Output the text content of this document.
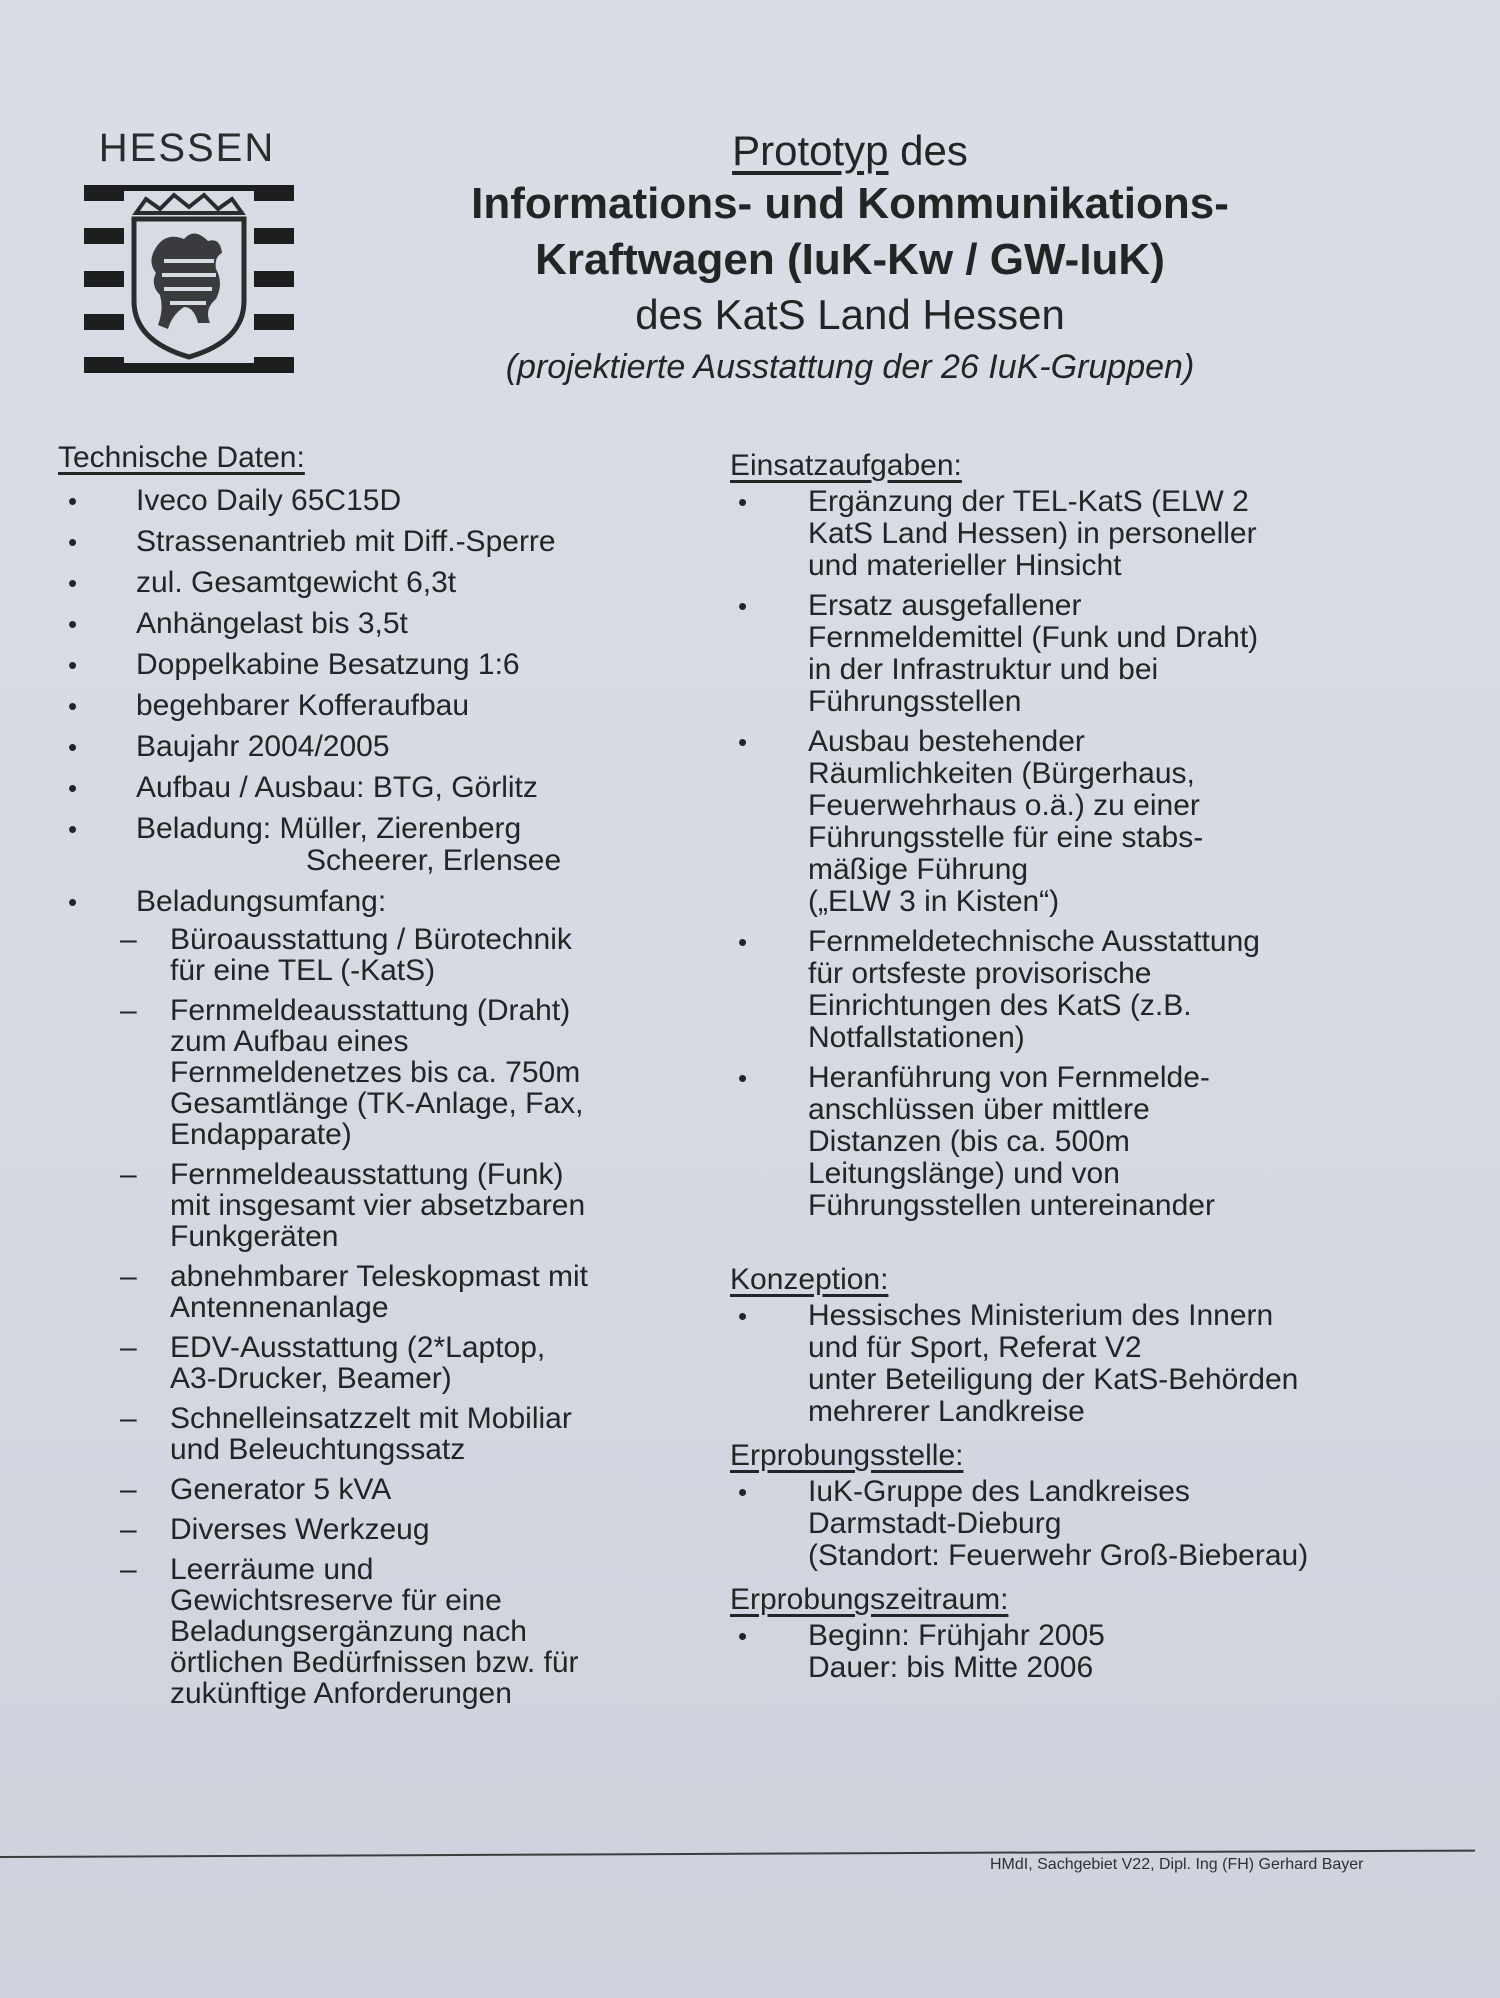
HESSEN	Prototyp des
Informations- und Kommunikations-
Kraftwagen (IuK-Kw / GW-IuK)
des KatS Land Hessen
(projektierte Ausstattung der 26 IuK-Gruppen)
Technische Daten:
• Iveco Daily 65C15D
• Strassenantrieb mit Diff.-Sperre
• zul. Gesamtgewicht 6,3t
• Anhängelast bis 3,5t
• Doppelkabine Besatzung 1:6
• begehbarer Kofferaufbau
• Baujahr 2004/2005
• Aufbau / Ausbau: BTG, Görlitz
• Beladung: Müller, Zierenberg
Scheerer, Erlensee
• Beladungsumfang:
– Büroausstattung / Bürotechnik
für eine TEL (-KatS)
– Fernmeldeausstattung (Draht)
zum Aufbau eines
Fernmeldenetzes bis ca. 750m
Gesamtlänge (TK-Anlage, Fax,
Endapparate)
– Fernmeldeausstattung (Funk)
mit insgesamt vier absetzbaren
Funkgeräten
– abnehmbarer Teleskopmast mit
Antennenanlage
– EDV-Ausstattung (2*Laptop,
A3-Drucker, Beamer)
– Schnelleinsatzzelt mit Mobiliar
und Beleuchtungssatz
– Generator 5 kVA
– Diverses Werkzeug
– Leerräume und
Gewichtsreserve für eine
Beladungsergänzung nach
örtlichen Bedürfnissen bzw. für
zukünftige Anforderungen
Einsatzaufgaben:
• Ergänzung der TEL-KatS (ELW 2
KatS Land Hessen) in personeller
und materieller Hinsicht
• Ersatz ausgefallener
Fernmeldemittel (Funk und Draht)
in der Infrastruktur und bei
Führungsstellen
• Ausbau bestehender
Räumlichkeiten (Bürgerhaus,
Feuerwehrhaus o.ä.) zu einer
Führungsstelle für eine stabs-
mäßige Führung
(„ELW 3 in Kisten“)
• Fernmeldetechnische Ausstattung
für ortsfeste provisorische
Einrichtungen des KatS (z.B.
Notfallstationen)
• Heranführung von Fernmelde-
anschlüssen über mittlere
Distanzen (bis ca. 500m
Leitungslänge) und von
Führungsstellen untereinander
Konzeption:
• Hessisches Ministerium des Innern
und für Sport, Referat V2
unter Beteiligung der KatS-Behörden
mehrerer Landkreise
Erprobungsstelle:
• IuK-Gruppe des Landkreises
Darmstadt-Dieburg
(Standort: Feuerwehr Groß-Bieberau)
Erprobungszeitraum:
• Beginn: Frühjahr 2005
Dauer: bis Mitte 2006
HMdI, Sachgebiet V22, Dipl. Ing (FH) Gerhard Bayer
